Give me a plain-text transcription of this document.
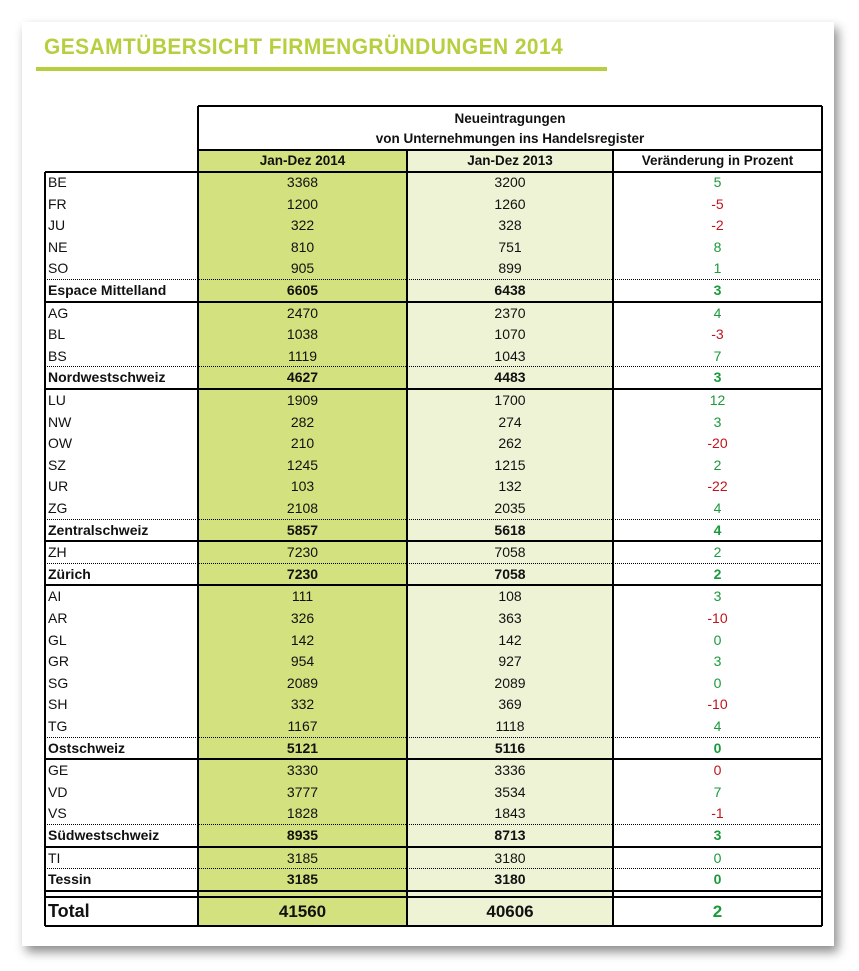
GESAMTÜBERSICHT FIRMENGRÜNDUNGEN 2014
Neueintragungen
von Unternehmungen ins Handelsregister
Jan-Dez 2014	Jan-Dez 2013	Veränderung in Prozent
BE	3368	3200	5
FR	1200	1260	-5
JU	322	328	-2
NE	810	751	8
SO	905	899	1
Espace Mittelland	6605	6438	3
AG	2470	2370	4
BL	1038	1070	-3
BS	1119	1043	7
Nordwestschweiz	4627	4483	3
LU	1909	1700	12
NW	282	274	3
OW	210	262	-20
SZ	1245	1215	2
UR	103	132	-22
ZG	2108	2035	4
Zentralschweiz	5857	5618	4
ZH	7230	7058	2
Zürich	7230	7058	2
AI	111	108	3
AR	326	363	-10
GL	142	142	0
GR	954	927	3
SG	2089	2089	0
SH	332	369	-10
TG	1167	1118	4
Ostschweiz	5121	5116	0
GE	3330	3336	0
VD	3777	3534	7
VS	1828	1843	-1
Südwestschweiz	8935	8713	3
TI	3185	3180	0
Tessin	3185	3180	0
Total	41560	40606	2
